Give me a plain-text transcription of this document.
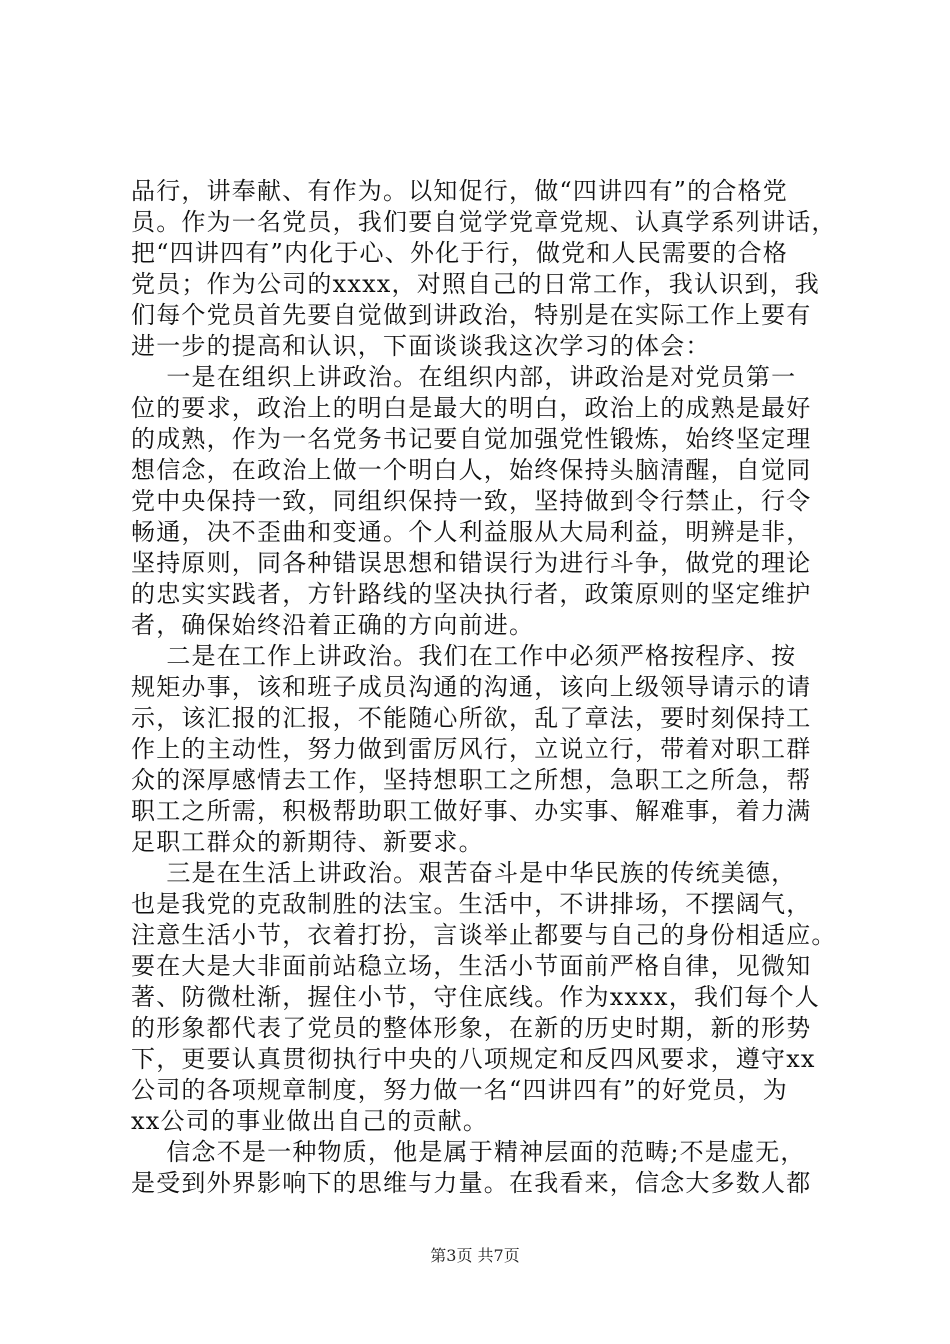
品行，讲奉献、有作为。以知促行，做“四讲四有”的合格党

员。作为一名党员，我们要自觉学党章党规、认真学系列讲话，

把“四讲四有”内化于心、外化于行，做党和人民需要的合格

党员；作为公司的xxxx，对照自己的日常工作，我认识到，我

们每个党员首先要自觉做到讲政治，特别是在实际工作上要有

进一步的提高和认识，下面谈谈我这次学习的体会：

一是在组织上讲政治。在组织内部，讲政治是对党员第一

位的要求，政治上的明白是最大的明白，政治上的成熟是最好

的成熟，作为一名党务书记要自觉加强党性锻炼，始终坚定理

想信念，在政治上做一个明白人，始终保持头脑清醒，自觉同

党中央保持一致，同组织保持一致，坚持做到令行禁止，行令

畅通，决不歪曲和变通。个人利益服从大局利益，明辨是非，

坚持原则，同各种错误思想和错误行为进行斗争，做党的理论

的忠实实践者，方针路线的坚决执行者，政策原则的坚定维护

者，确保始终沿着正确的方向前进。

二是在工作上讲政治。我们在工作中必须严格按程序、按

规矩办事，该和班子成员沟通的沟通，该向上级领导请示的请

示，该汇报的汇报，不能随心所欲，乱了章法，要时刻保持工

作上的主动性，努力做到雷厉风行，立说立行，带着对职工群

众的深厚感情去工作，坚持想职工之所想，急职工之所急，帮

职工之所需，积极帮助职工做好事、办实事、解难事，着力满

足职工群众的新期待、新要求。

三是在生活上讲政治。艰苦奋斗是中华民族的传统美德，

也是我党的克敌制胜的法宝。生活中，不讲排场，不摆阔气，

注意生活小节，衣着打扮，言谈举止都要与自己的身份相适应。

要在大是大非面前站稳立场，生活小节面前严格自律，见微知

著、防微杜渐，握住小节，守住底线。作为xxxx，我们每个人

的形象都代表了党员的整体形象，在新的历史时期，新的形势

下，更要认真贯彻执行中央的八项规定和反四风要求，遵守xx

公司的各项规章制度，努力做一名“四讲四有”的好党员，为

xx公司的事业做出自己的贡献。

信念不是一种物质，他是属于精神层面的范畴;不是虚无，

是受到外界影响下的思维与力量。在我看来，信念大多数人都

第3页 共7页
